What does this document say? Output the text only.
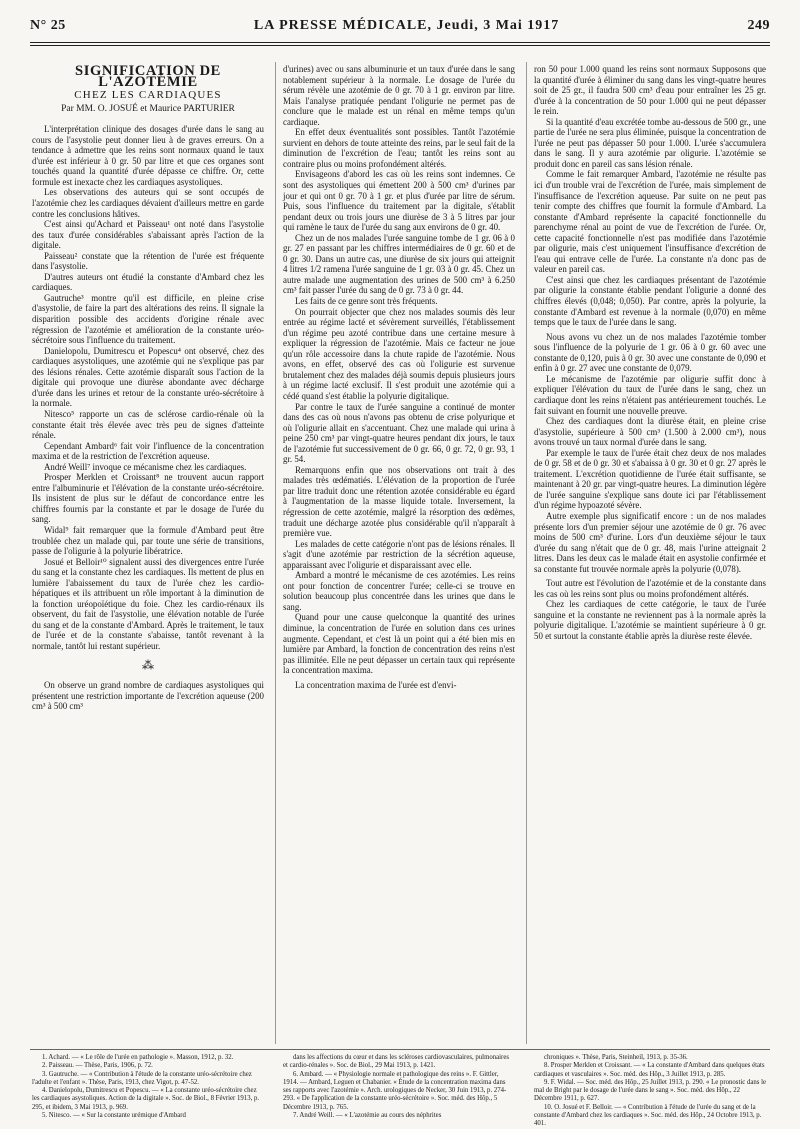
N° 25	LA PRESSE MÉDICALE, Jeudi, 3 Mai 1917	249
SIGNIFICATION DE L'AZOTÉMIE
CHEZ LES CARDIAQUES
Par MM. O. JOSUÉ et Maurice PARTURIER

L'interprétation clinique des dosages d'urée dans le sang au cours de l'asystolie peut donner lieu à de graves erreurs. On a tendance à admettre que les reins sont normaux quand le taux d'urée est inférieur à 0 gr. 50 par litre et que ces organes sont touchés quand la quantité d'urée dépasse ce chiffre. Or, cette formule est inexacte chez les cardiaques asystoliques.

Les observations des auteurs qui se sont occupés de l'azotémie chez les cardiaques dévaient d'ailleurs mettre en garde contre les conclusions hâtives.

C'est ainsi qu'Achard et Paisseau¹ ont noté dans l'asystolie des taux d'urée considérables s'abaissant après l'action de la digitale.

Paisseau² constate que la rétention de l'urée est fréquente dans l'asystolie.

D'autres auteurs ont étudié la constante d'Ambard chez les cardiaques.

Gautruche³ montre qu'il est difficile, en pleine crise d'asystolie, de faire la part des altérations des reins. Il signale la disparition possible des accidents d'origine rénale avec régression de l'azotémie et amélioration de la constante uréo-sécrétoire sous l'influence du traitement.

Danielopolu, Dumitrescu et Popescu⁴ ont observé, chez des cardiaques asystoliques, une azotémie qui ne s'explique pas par des lésions rénales. Cette azotémie disparaît sous l'action de la digitale qui provoque une diurèse abondante avec décharge d'urée dans les urines et retour de la constante uréo-sécrétoire à la normale.

Nitesco⁵ rapporte un cas de sclérose cardio-rénale où la constante était très élevée avec très peu de signes d'atteinte rénale.

Cependant Ambard⁶ fait voir l'influence de la concentration maxima et de la restriction de l'excrétion aqueuse.

André Weill⁷ invoque ce mécanisme chez les cardiaques.

Prosper Merklen et Croissant⁸ ne trouvent aucun rapport entre l'albuminurie et l'élévation de la constante uréo-sécrétoire. Ils insistent de plus sur le défaut de concordance entre les chiffres fournis par la constante et par le dosage de l'urée du sang.

Widal⁹ fait remarquer que la formule d'Ambard peut être troublée chez un malade qui, par toute une série de transitions, passe de l'oligurie à la polyurie libératrice.

Josué et Belloir¹⁰ signalent aussi des divergences entre l'urée du sang et la constante chez les cardiaques. Ils mettent de plus en lumière l'abaissement du taux de l'urée chez les cardio-hépatiques et ils attribuent un rôle important à la diminution de la fonction uréopoïétique du foie. Chez les cardio-rénaux ils observent, du fait de l'asystolie, une élévation notable de l'urée du sang et de la constante d'Ambard. Après le traitement, le taux de l'urée et de la constante s'abaisse, tantôt revenant à la normale, tantôt lui restant supérieur.

⁂

On observe un grand nombre de cardiaques asystoliques qui présentent une restriction importante de l'excrétion aqueuse (200 cm³ à 500 cm³

d'urines) avec ou sans albuminurie et un taux d'urée dans le sang notablement supérieur à la normale. Le dosage de l'urée du sérum révèle une azotémie de 0 gr. 70 à 1 gr. environ par litre. Mais l'analyse pratiquée pendant l'oligurie ne permet pas de conclure que le malade est un rénal en même temps qu'un cardiaque.

En effet deux éventualités sont possibles. Tantôt l'azotémie survient en dehors de toute atteinte des reins, par le seul fait de la diminution de l'excrétion de l'eau; tantôt les reins sont au contraire plus ou moins profondément altérés.

Envisageons d'abord les cas où les reins sont indemnes. Ce sont des asystoliques qui émettent 200 à 500 cm³ d'urines par jour et qui ont 0 gr. 70 à 1 gr. et plus d'urée par litre de sérum. Puis, sous l'influence du traitement par la digitale, s'établit pendant deux ou trois jours une diurèse de 3 à 5 litres par jour qui ramène le taux de l'urée du sang aux environs de 0 gr. 40.

Chez un de nos malades l'urée sanguine tombe de 1 gr. 06 à 0 gr. 27 en passant par les chiffres intermédiaires de 0 gr. 60 et de 0 gr. 30. Dans un autre cas, une diurèse de six jours qui atteignit 4 litres 1/2 ramena l'urée sanguine de 1 gr. 03 à 0 gr. 45. Chez un autre malade une augmentation des urines de 500 cm³ à 6.250 cm³ fait passer l'urée du sang de 0 gr. 73 à 0 gr. 44.

Les faits de ce genre sont très fréquents.

On pourrait objecter que chez nos malades soumis dès leur entrée au régime lacté et sévèrement surveillés, l'établissement d'un régime peu azoté contribue dans une certaine mesure à expliquer la régression de l'azotémie. Mais ce facteur ne joue qu'un rôle accessoire dans la chute rapide de l'azotémie. Nous avons, en effet, observé des cas où l'oligurie est survenue brutalement chez des malades déjà soumis depuis plusieurs jours à un régime lacté exclusif. Il s'est produit une azotémie qui a cédé quand s'est établie la polyurie digitalique.

Par contre le taux de l'urée sanguine a continué de monter dans des cas où nous n'avons pas obtenu de crise polyurique et où l'oligurie allait en s'accentuant. Chez une malade qui urina à peine 250 cm³ par vingt-quatre heures pendant dix jours, le taux de l'azotémie fut successivement de 0 gr. 66, 0 gr. 72, 0 gr. 93, 1 gr. 54.

Remarquons enfin que nos observations ont trait à des malades très œdématiés. L'élévation de la proportion de l'urée par litre traduit donc une rétention azotée considérable eu égard à l'augmentation de la masse liquide totale. Inversement, la régression de cette azotémie, malgré la résorption des œdèmes, traduit une décharge azotée plus considérable qu'il n'apparaît à première vue.

Les malades de cette catégorie n'ont pas de lésions rénales. Il s'agit d'une azotémie par restriction de la sécrétion aqueuse, apparaissant avec l'oligurie et disparaissant avec elle.

Ambard a montré le mécanisme de ces azotémies. Les reins ont pour fonction de concentrer l'urée; celle-ci se trouve en solution beaucoup plus concentrée dans les urines que dans le sang.

Quand pour une cause quelconque la quantité des urines diminue, la concentration de l'urée en solution dans ces urines augmente. Cependant, et c'est là un point qui a été bien mis en lumière par Ambard, la fonction de concentration des reins n'est pas illimitée. Elle ne peut dépasser un certain taux qui représente la concentration maxima.

La concentration maxima de l'urée est d'envi-

ron 50 pour 1.000 quand les reins sont normaux Supposons que la quantité d'urée à éliminer du sang dans les vingt-quatre heures soit de 25 gr., il faudra 500 cm³ d'eau pour entraîner les 25 gr. d'urée à la concentration de 50 pour 1.000 qui ne peut dépasser le rein.

Si la quantité d'eau excrétée tombe au-dessous de 500 gr., une partie de l'urée ne sera plus éliminée, puisque la concentration de l'urée ne peut pas dépasser 50 pour 1.000. L'urée s'accumulera dans le sang. Il y aura azotémie par oligurie. L'azotémie se produit donc en pareil cas sans lésion rénale.

Comme le fait remarquer Ambard, l'azotémie ne résulte pas ici d'un trouble vrai de l'excrétion de l'urée, mais simplement de l'insuffisance de l'excrétion aqueuse. Par suite on ne peut pas tenir compte des chiffres que fournit la formule d'Ambard. La constante d'Ambard représente la capacité fonctionnelle du parenchyme rénal au point de vue de l'excrétion de l'urée. Or, cette capacité fonctionnelle n'est pas modifiée dans l'azotémie par oligurie, mais c'est uniquement l'insuffisance d'excrétion de l'eau qui entrave celle de l'urée. La constante n'a donc pas de valeur en pareil cas.

C'est ainsi que chez les cardiaques présentant de l'azotémie par oligurie la constante établie pendant l'oligurie a donné des chiffres élevés (0,048; 0,050). Par contre, après la polyurie, la constante d'Ambard est revenue à la normale (0,070) en même temps que le taux de l'urée dans le sang.

Nous avons vu chez un de nos malades l'azotémie tomber sous l'influence de la polyurie de 1 gr. 06 à 0 gr. 60 avec une constante de 0,120, puis à 0 gr. 30 avec une constante de 0,090 et enfin à 0 gr. 27 avec une constante de 0,079.

Le mécanisme de l'azotémie par oligurie suffit donc à expliquer l'élévation du taux de l'urée dans le sang, chez un cardiaque dont les reins n'étaient pas antérieurement touchés. Le fait suivant en fournit une nouvelle preuve.

Chez des cardiaques dont la diurèse était, en pleine crise d'asystolie, supérieure à 500 cm³ (1.500 à 2.000 cm³), nous avons trouvé un taux normal d'urée dans le sang.

Par exemple le taux de l'urée était chez deux de nos malades de 0 gr. 58 et de 0 gr. 30 et s'abaissa à 0 gr. 30 et 0 gr. 27 après le traitement. L'excrétion quotidienne de l'urée était suffisante, se maintenant à 20 gr. par vingt-quatre heures. La diminution légère de l'urée sanguine s'explique sans doute ici par l'établissement d'un régime hypoazoté sévère.

Autre exemple plus significatif encore : un de nos malades présente lors d'un premier séjour une azotémie de 0 gr. 76 avec moins de 500 cm³ d'urine. Lors d'un deuxième séjour le taux d'urée du sang n'était que de 0 gr. 48, mais l'urine atteignait 2 litres. Dans les deux cas le malade était en asystolie confirmée et sa constante fut trouvée normale après la polyurie (0,078).

Tout autre est l'évolution de l'azotémie et de la constante dans les cas où les reins sont plus ou moins profondément altérés.

Chez les cardiaques de cette catégorie, le taux de l'urée sanguine et la constante ne reviennent pas à la normale après la polyurie digitalique. L'azotémie se maintient supérieure à 0 gr. 50 et surtout la constante établie après la diurèse reste élevée.

1. Achard. — « Le rôle de l'urée en pathologie ». Masson, 1912, p. 32.

2. Paisseau. — Thèse, Paris, 1906, p. 72.

3. Gautruche. — « Contribution à l'étude de la constante uréo-sécrétoire chez l'adulte et l'enfant ». Thèse, Paris, 1913, chez Vigot, p. 47-52.

4. Danielopolu, Dumitrescu et Popescu. — « La constante uréo-sécrétoire chez les cardiaques asystoliques. Action de la digitale ». Soc. de Biol., 8 Février 1913, p. 295, et ibidem, 3 Mai 1913, p. 969.

5. Nitesco. — « Sur la constante urémique d'Ambard

dans les affections du cœur et dans les scléroses cardiovasculaires, pulmonaires et cardio-rénales ». Soc. de Biol., 29 Mai 1913, p. 1421.

6. Ambard. — « Physiologie normale et pathologique des reins ». F. Gittler, 1914. — Ambard, Leguen et Chabanier. « Étude de la concentration maxima dans ses rapports avec l'azotémie ». Arch. urologiques de Necker, 30 Juin 1913, p. 274-293. « De l'application de la constante uréo-sécrétoire ». Soc. méd. des Hôp., 5 Décembre 1913, p. 765.

7. André Weill. — « L'azotémie au cours des néphrites

chroniques ». Thèse, Paris, Steinheil, 1913, p. 35-36.

8. Prosper Merklen et Croissant. — « La constante d'Ambard dans quelques états cardiaques et vasculaires ». Soc. méd. des Hôp., 3 Juillet 1913, p. 285.

9. F. Widal. — Soc. méd. des Hôp., 25 Juillet 1913, p. 290. « Le pronostic dans le mal de Bright par le dosage de l'urée dans le sang ». Soc. méd. des Hôp., 22 Décembre 1911, p. 627.

10. O. Josué et F. Belloir. — « Contribution à l'étude de l'urée du sang et de la constante d'Ambard chez les cardiaques ». Soc. méd. des Hôp., 24 Octobre 1913, p. 401.
